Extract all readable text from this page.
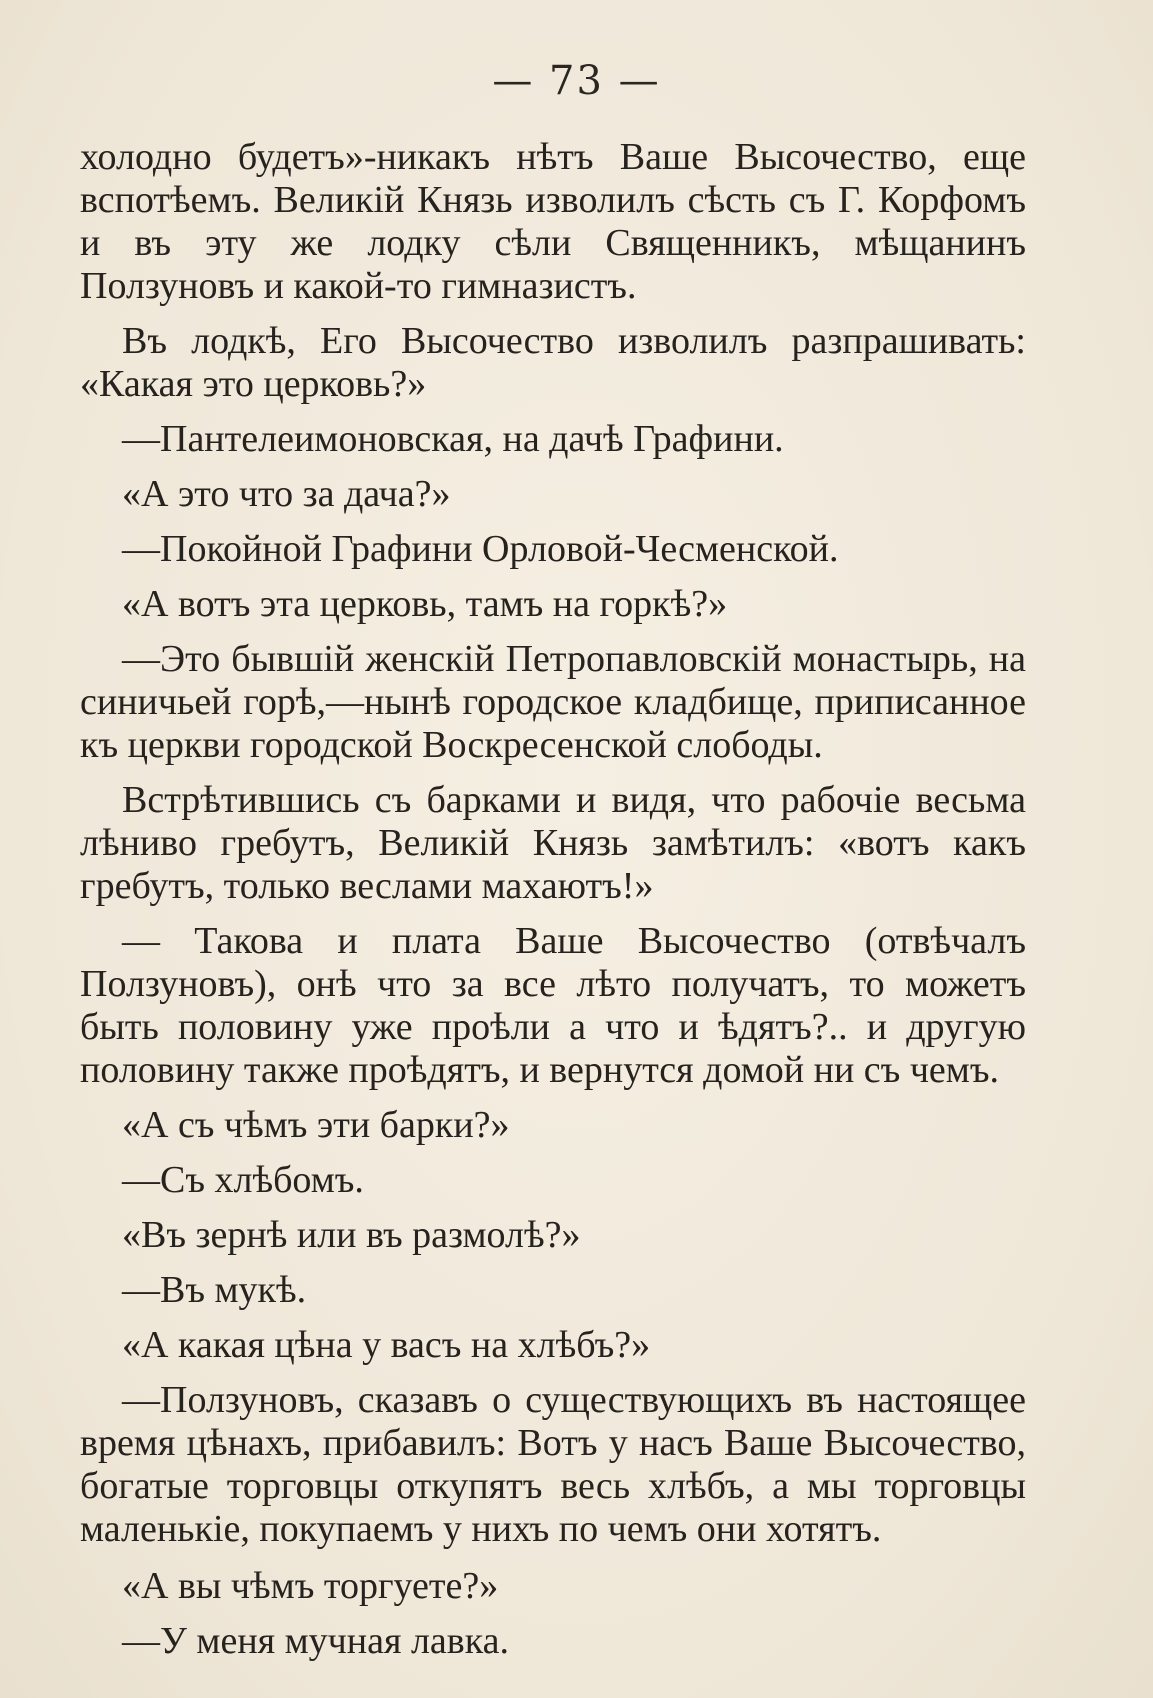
— 73 —

холодно будетъ»-никакъ нѣтъ Ваше Высочество, еще вспотѣемъ. Великій Князь изволилъ сѣсть съ Г. Корфомъ и въ эту же лодку сѣли Священникъ, мѣщанинъ Ползуновъ и какой-то гимназистъ.

Въ лодкѣ, Его Высочество изволилъ разпрашивать: «Какая это церковь?»

—Пантелеимоновская, на дачѣ Графини.

«А это что за дача?»

—Покойной Графини Орловой-Чесменской.

«А вотъ эта церковь, тамъ на горкѣ?»

—Это бывшій женскій Петропавловскій монастырь, на синичьей горѣ,—нынѣ городское кладбище, приписанное къ церкви городской Воскресенской слободы.

Встрѣтившись съ барками и видя, что рабочіе весьма лѣниво гребутъ, Великій Князь замѣтилъ: «вотъ какъ гребутъ, только веслами махаютъ!»

— Такова и плата Ваше Высочество (отвѣчалъ Ползуновъ), онѣ что за все лѣто получатъ, то можетъ быть половину уже проѣли а что и ѣдятъ?.. и другую половину также проѣдятъ, и вернутся домой ни съ чемъ.

«А съ чѣмъ эти барки?»

—Съ хлѣбомъ.

«Въ зернѣ или въ размолѣ?»

—Въ мукѣ.

«А какая цѣна у васъ на хлѣбъ?»

—Ползуновъ, сказавъ о существующихъ въ настоящее время цѣнахъ, прибавилъ: Вотъ у насъ Ваше Высочество, богатые торговцы откупятъ весь хлѣбъ, а мы торговцы маленькіе, покупаемъ у нихъ по чемъ они хотятъ.

«А вы чѣмъ торгуете?»

—У меня мучная лавка.
